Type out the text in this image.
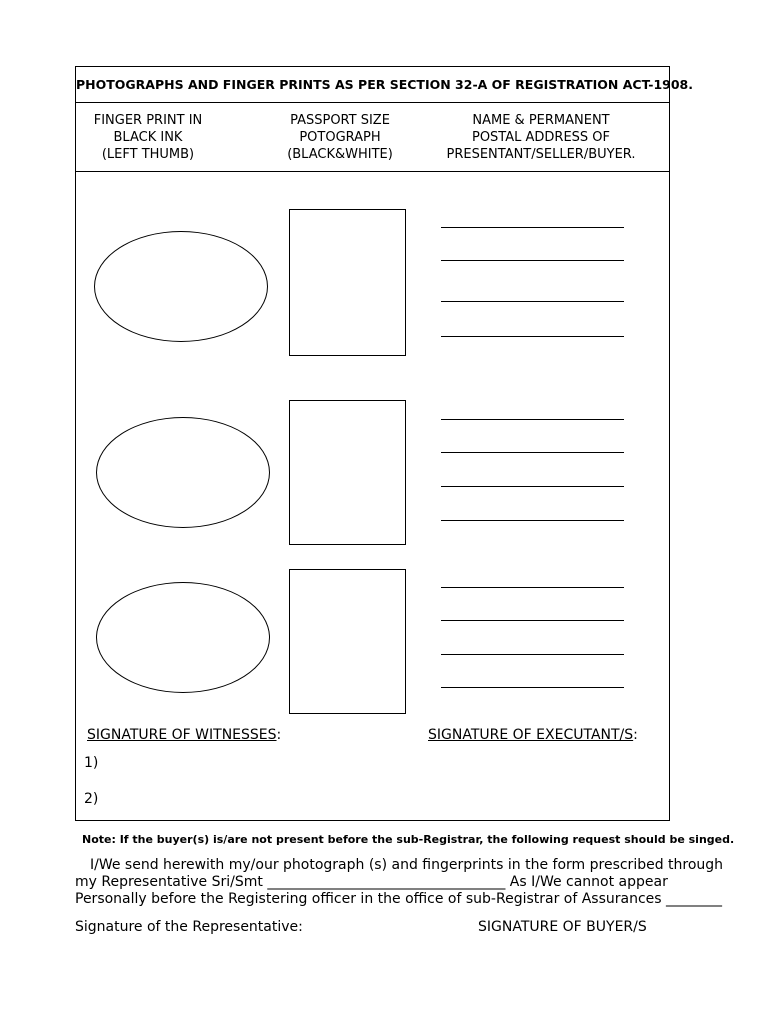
PHOTOGRAPHS AND FINGER PRINTS AS PER SECTION 32-A OF REGISTRATION ACT-1908.
FINGER PRINT IN
BLACK INK
(LEFT THUMB)
PASSPORT SIZE
POTOGRAPH
(BLACK&WHITE)
NAME & PERMANENT
POSTAL ADDRESS OF
PRESENTANT/SELLER/BUYER.
SIGNATURE OF WITNESSES:	SIGNATURE OF EXECUTANT/S:
1)
2)
Note: If the buyer(s) is/are not present before the sub-Registrar, the following request should be singed.
I/We send herewith my/our photograph (s) and fingerprints in the form prescribed through
my Representative Sri/Smt __________________________________ As I/We cannot appear
Personally before the Registering officer in the office of sub-Registrar of Assurances ________
Signature of the Representative:	SIGNATURE OF BUYER/S
